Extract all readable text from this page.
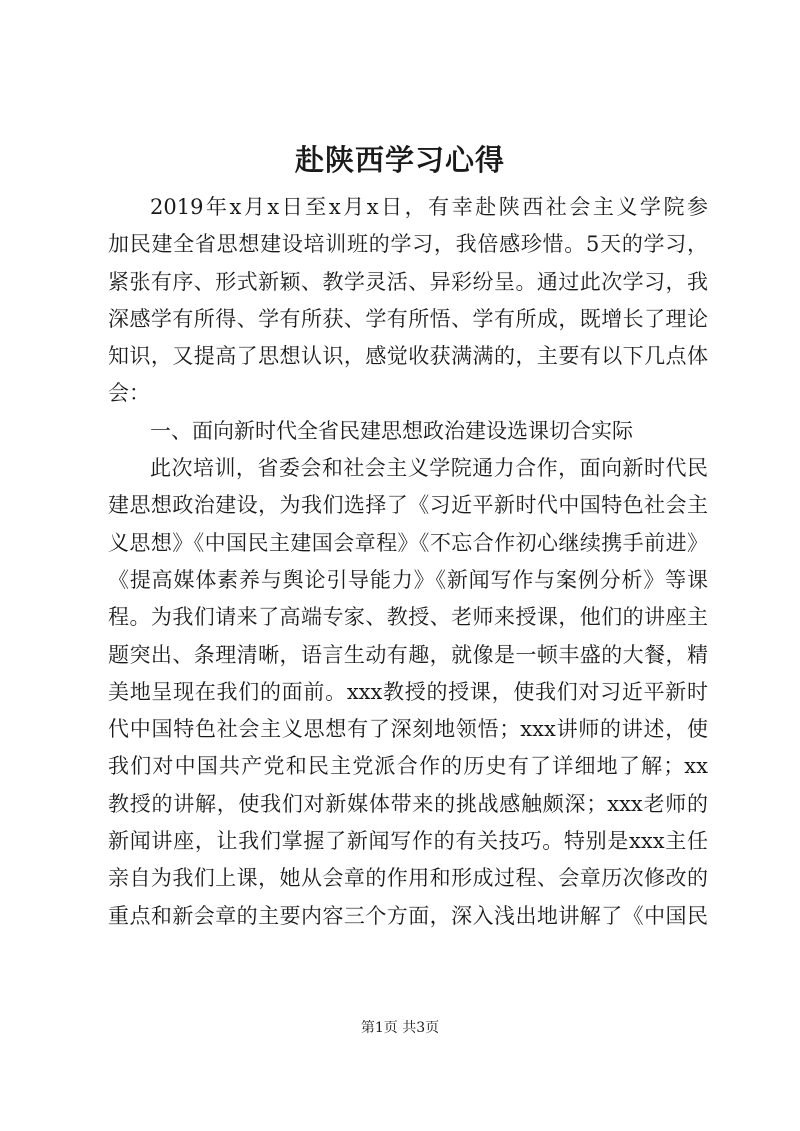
赴陕西学习心得
2019年x月x日至x月x日，有幸赴陕西社会主义学院参
加民建全省思想建设培训班的学习，我倍感珍惜。5天的学习，
紧张有序、形式新颖、教学灵活、异彩纷呈。通过此次学习，我
深感学有所得、学有所获、学有所悟、学有所成，既增长了理论
知识，又提高了思想认识，感觉收获满满的，主要有以下几点体
会：
一、面向新时代全省民建思想政治建设选课切合实际
此次培训，省委会和社会主义学院通力合作，面向新时代民
建思想政治建设，为我们选择了《习近平新时代中国特色社会主
义思想》《中国民主建国会章程》《不忘合作初心继续携手前进》
《提高媒体素养与舆论引导能力》《新闻写作与案例分析》等课
程。为我们请来了高端专家、教授、老师来授课，他们的讲座主
题突出、条理清晰，语言生动有趣，就像是一顿丰盛的大餐，精
美地呈现在我们的面前。xxx教授的授课，使我们对习近平新时
代中国特色社会主义思想有了深刻地领悟；xxx讲师的讲述，使
我们对中国共产党和民主党派合作的历史有了详细地了解；xx
教授的讲解，使我们对新媒体带来的挑战感触颇深；xxx老师的
新闻讲座，让我们掌握了新闻写作的有关技巧。特别是xxx主任
亲自为我们上课，她从会章的作用和形成过程、会章历次修改的
重点和新会章的主要内容三个方面，深入浅出地讲解了《中国民
第1页 共3页
